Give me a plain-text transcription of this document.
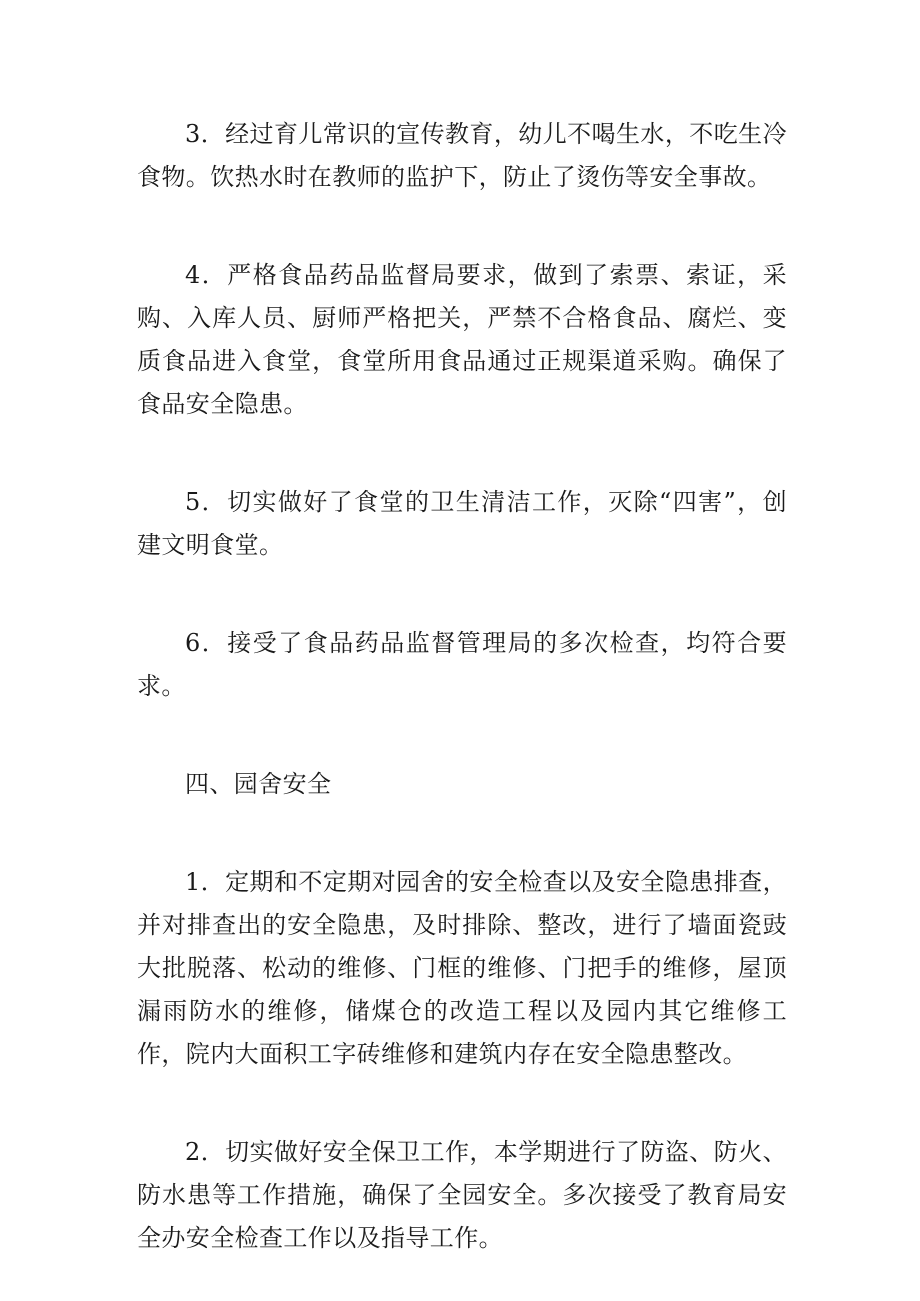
3．经过育儿常识的宣传教育，幼儿不喝生水，不吃生冷食物。饮热水时在教师的监护下，防止了烫伤等安全事故。

4．严格食品药品监督局要求，做到了索票、索证，采购、入库人员、厨师严格把关，严禁不合格食品、腐烂、变质食品进入食堂，食堂所用食品通过正规渠道采购。确保了食品安全隐患。

5．切实做好了食堂的卫生清洁工作，灭除“四害”，创建文明食堂。

6．接受了食品药品监督管理局的多次检查，均符合要求。

四、园舍安全

1．定期和不定期对园舍的安全检查以及安全隐患排查，并对排查出的安全隐患，及时排除、整改，进行了墙面瓷豉大批脱落、松动的维修、门框的维修、门把手的维修，屋顶漏雨防水的维修，储煤仓的改造工程以及园内其它维修工作，院内大面积工字砖维修和建筑内存在安全隐患整改。

2．切实做好安全保卫工作，本学期进行了防盗、防火、防水患等工作措施，确保了全园安全。多次接受了教育局安全办安全检查工作以及指导工作。
